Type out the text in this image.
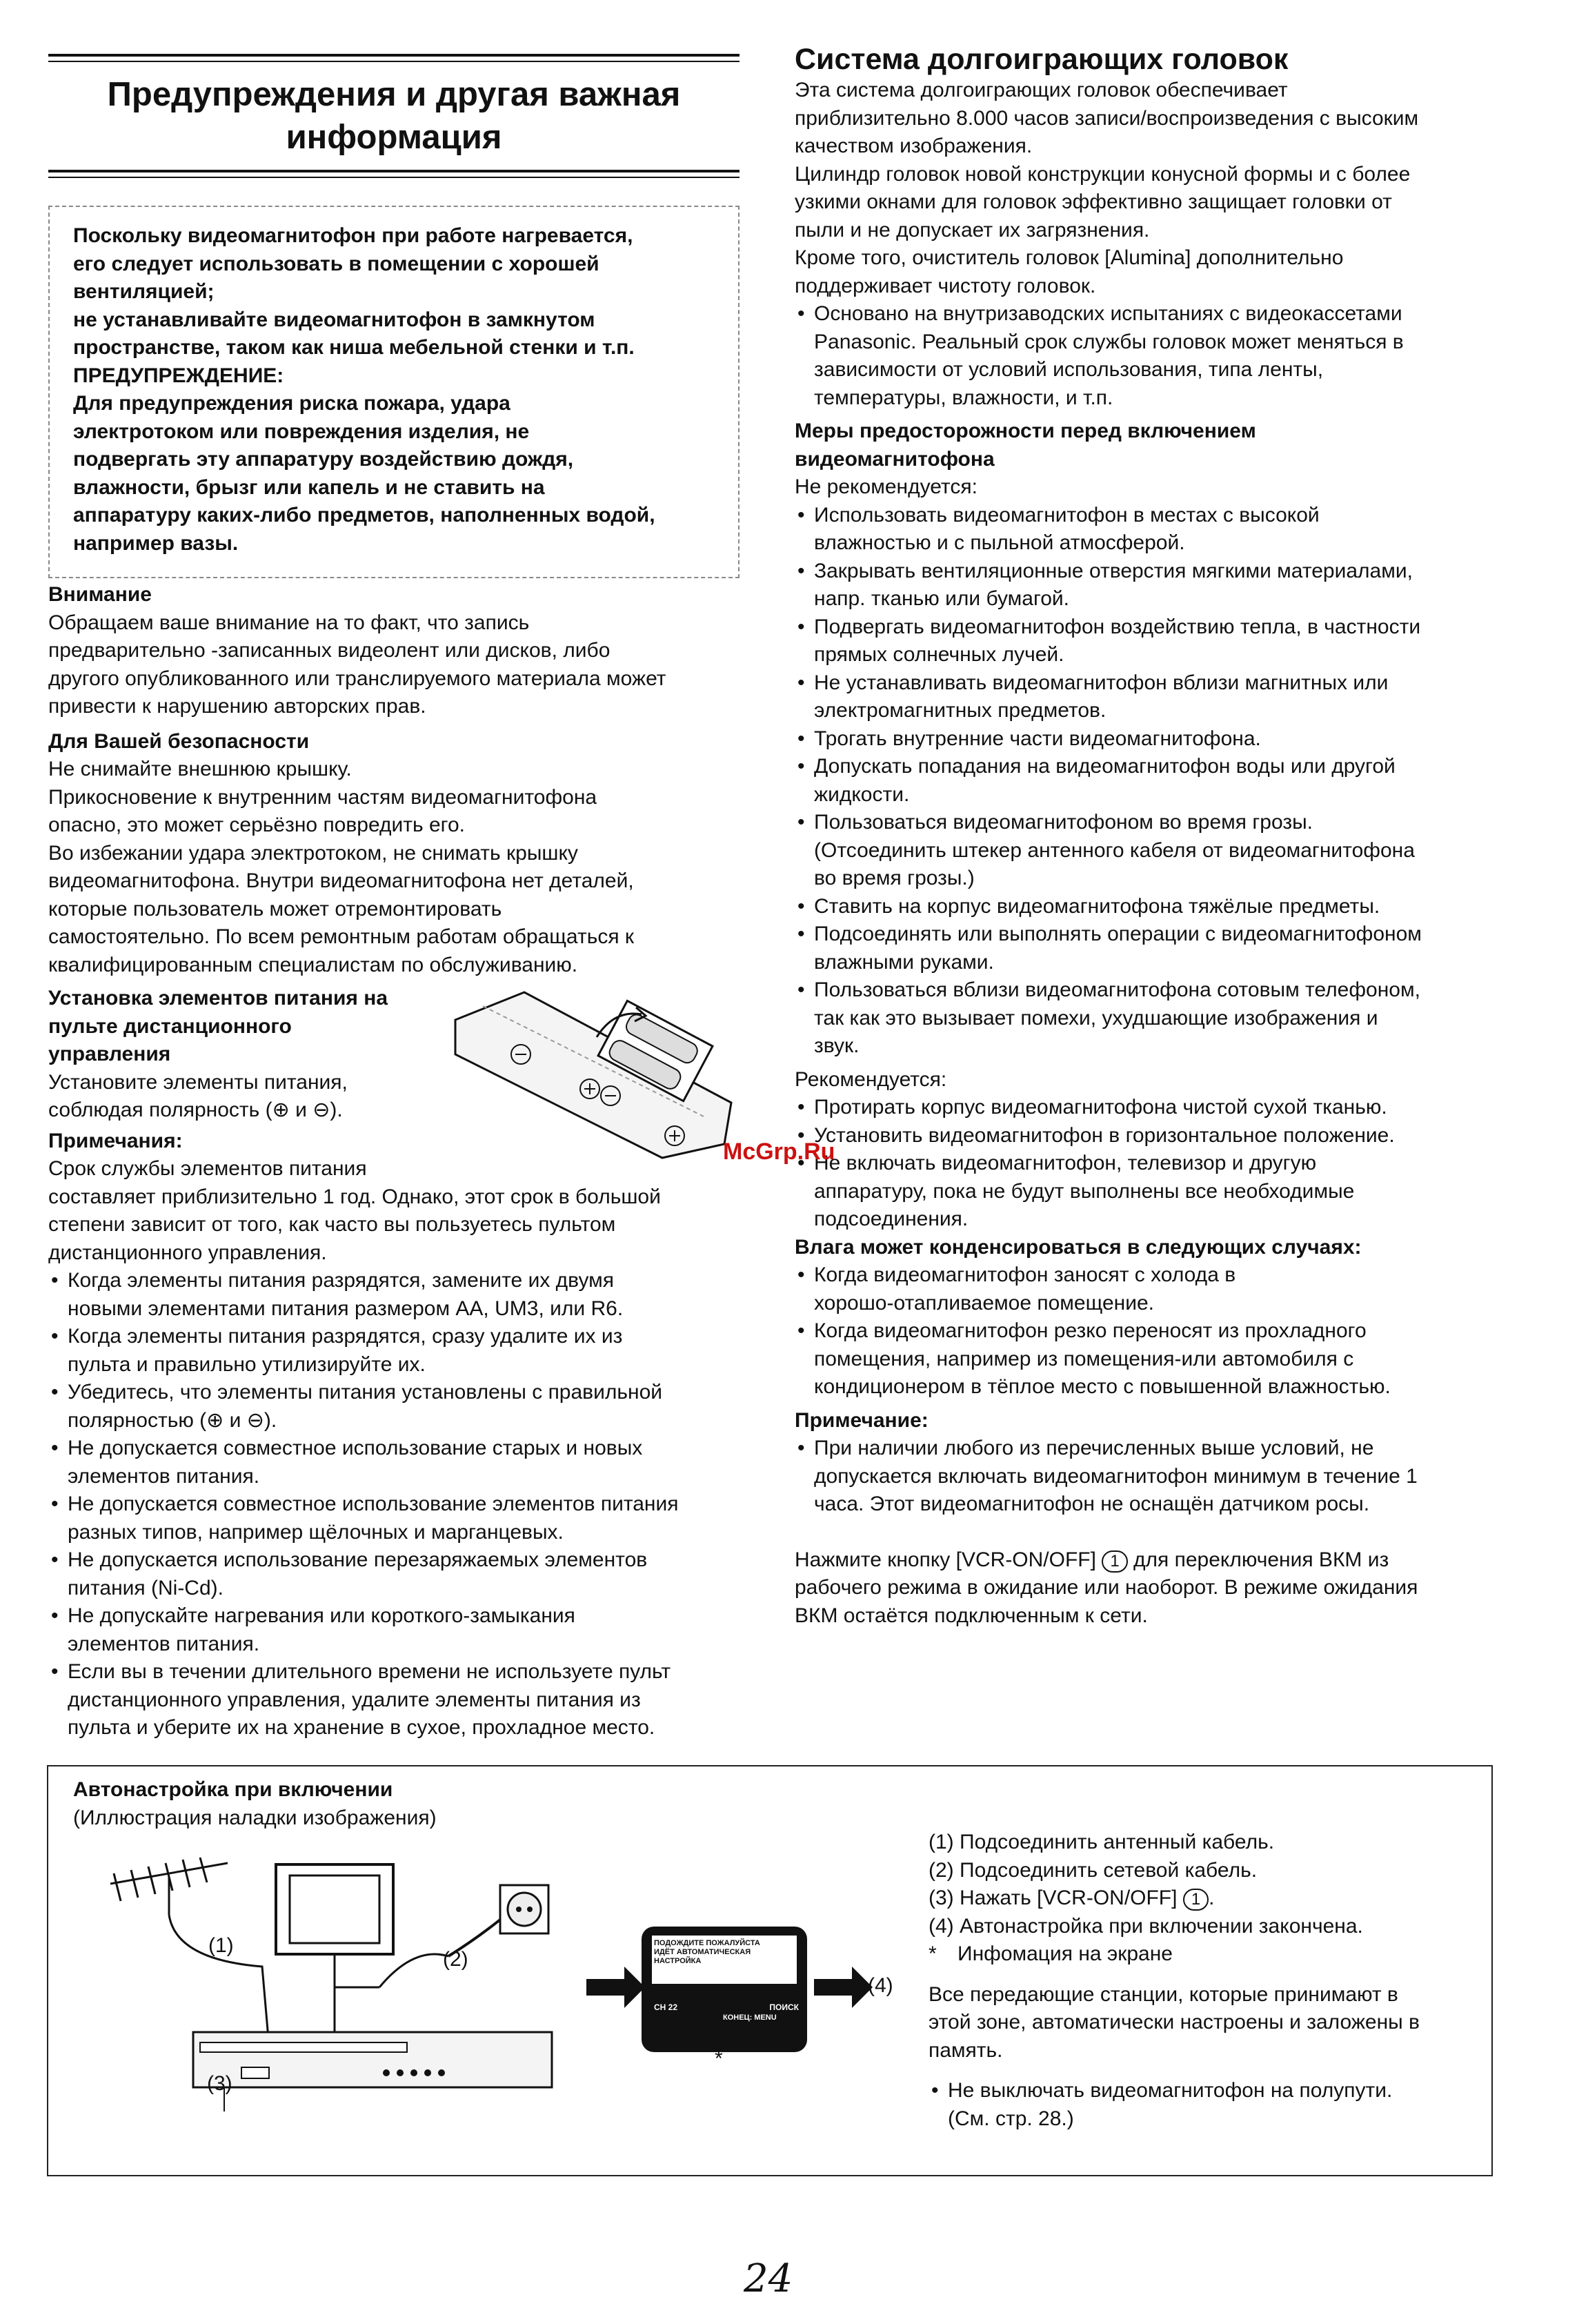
Предупреждения и другая важная
информация

Поскольку видеомагнитофон при работе нагревается,

его следует использовать в помещении с хорошей

вентиляцией;

не устанавливайте видеомагнитофон в замкнутом

пространстве, таком как ниша мебельной стенки и т.п.

ПРЕДУПРЕЖДЕНИЕ:

Для предупреждения риска пожара, удара

электротоком или повреждения изделия, не

подвергать эту аппаратуру воздействию дождя,

влажности, брызг или капель и не ставить на

аппаратуру каких-либо предметов, наполненных водой,

например вазы.

Внимание

Обращаем ваше внимание на то факт, что запись

предварительно -записанных видеолент или дисков, либо

другого опубликованного или транслируемого материала может

привести к нарушению авторских прав.

Для Вашей безопасности

Не снимайте внешнюю крышку.

Прикосновение к внутренним частям видеомагнитофона

опасно, это может серьёзно повредить его.

Во избежании удара электротоком, не снимать крышку

видеомагнитофона. Внутри видеомагнитофона нет деталей,

которые пользователь может отремонтировать

самостоятельно. По всем ремонтным работам обращаться к

квалифицированным специалистам по обслуживанию.

Установка элементов питания на

пульте дистанционного

управления

Установите элементы питания,

соблюдая полярность (⊕ и ⊖).

Примечания:

Срок службы элементов питания

составляет приблизительно 1 год. Однако, этот срок в большой

степени зависит от того, как часто вы пользуетесь пультом

дистанционного управления.

• Когда элементы питания разрядятся, замените их двумя

новыми элементами питания размером AA, UM3, или R6.

• Когда элементы питания разрядятся, сразу удалите их из

пульта и правильно утилизируйте их.

• Убедитесь, что элементы питания установлены с правильной

полярностью (⊕ и ⊖).

• Не допускается совместное использование старых и новых

элементов питания.

• Не допускается совместное использование элементов питания

разных типов, например щёлочных и марганцевых.

• Не допускается использование перезаряжаемых элементов

питания (Ni-Cd).

• Не допускайте нагревания или короткого-замыкания

элементов питания.

• Если вы в течении длительного времени не используете пульт

дистанционного управления, удалите элементы питания из

пульта и уберите их на хранение в сухое, прохладное место.

Система долгоиграющих головок

Эта система долгоиграющих головок обеспечивает

приблизительно 8.000 часов записи/воспроизведения с высоким

качеством изображения.

Цилиндр головок новой конструкции конусной формы и с более

узкими окнами для головок эффективно защищает головки от

пыли и не допускает их загрязнения.

Кроме того, очиститель головок [Alumina] дополнительно

поддерживает чистоту головок.

• Основано на внутризаводских испытаниях с видеокассетами

Panasonic. Реальный срок службы головок может меняться в

зависимости от условий использования, типа ленты,

температуры, влажности, и т.п.

Меры предосторожности перед включением

видеомагнитофона

Не рекомендуется:

• Использовать видеомагнитофон в местах с высокой

влажностью и с пыльной атмосферой.

• Закрывать вентиляционные отверстия мягкими материалами,

напр. тканью или бумагой.

• Подвергать видеомагнитофон воздействию тепла, в частности

прямых солнечных лучей.

• Не устанавливать видеомагнитофон вблизи магнитных или

электромагнитных предметов.

• Трогать внутренние части видеомагнитофона.

• Допускать попадания на видеомагнитофон воды или другой

жидкости.

• Пользоваться видеомагнитофоном во время грозы.

(Отсоединить штекер антенного кабеля от видеомагнитофона

во время грозы.)

• Ставить на корпус видеомагнитофона тяжёлые предметы.

• Подсоединять или выполнять операции с видеомагнитофоном

влажными руками.

• Пользоваться вблизи видеомагнитофона сотовым телефоном,

так как это вызывает помехи, ухудшающие изображения и

звук.

Рекомендуется:

• Протирать корпус видеомагнитофона чистой сухой тканью.

• Установить видеомагнитофон в горизонтальное положение.

• Не включать видеомагнитофон, телевизор и другую

аппаратуру, пока не будут выполнены все необходимые

подсоединения.

Влага может конденсироваться в следующих случаях:

• Когда видеомагнитофон заносят с холода в

хорошо-отапливаемое помещение.

• Когда видеомагнитофон резко переносят из прохладного

помещения, например из помещения-или автомобиля с

кондиционером в тёплое место с повышенной влажностью.

Примечание:

• При наличии любого из перечисленных выше условий, не

допускается включать видеомагнитофон минимум в течение 1

часа. Этот видеомагнитофон не оснащён датчиком росы.

Нажмите кнопку [VCR-ON/OFF] 1 для переключения ВКМ из

рабочего режима в ожидание или наоборот. В режиме ожидания

ВКМ остаётся подключенным к сети.

McGrp.Ru

Автонастройка при включении

(Иллюстрация наладки изображения)

(1)
(2)
(3)
(4)
*
ПОДОЖДИТЕ ПОЖАЛУЙСТА
ИДЁТ АВТОМАТИЧЕСКАЯ
НАСТРОЙКА
CH 22	ПОИСК
КОНЕЦ: MENU

(1) Подсоединить антенный кабель.

(2) Подсоединить сетевой кабель.

(3) Нажать [VCR-ON/OFF] 1 .

(4) Автонастройка при включении закончена.

* Инфомация на экране

Все передающие станции, которые принимают в

этой зоне, автоматически настроены и заложены в

память.

• Не выключать видеомагнитофон на полупути.

(См. стр. 28.)

24
